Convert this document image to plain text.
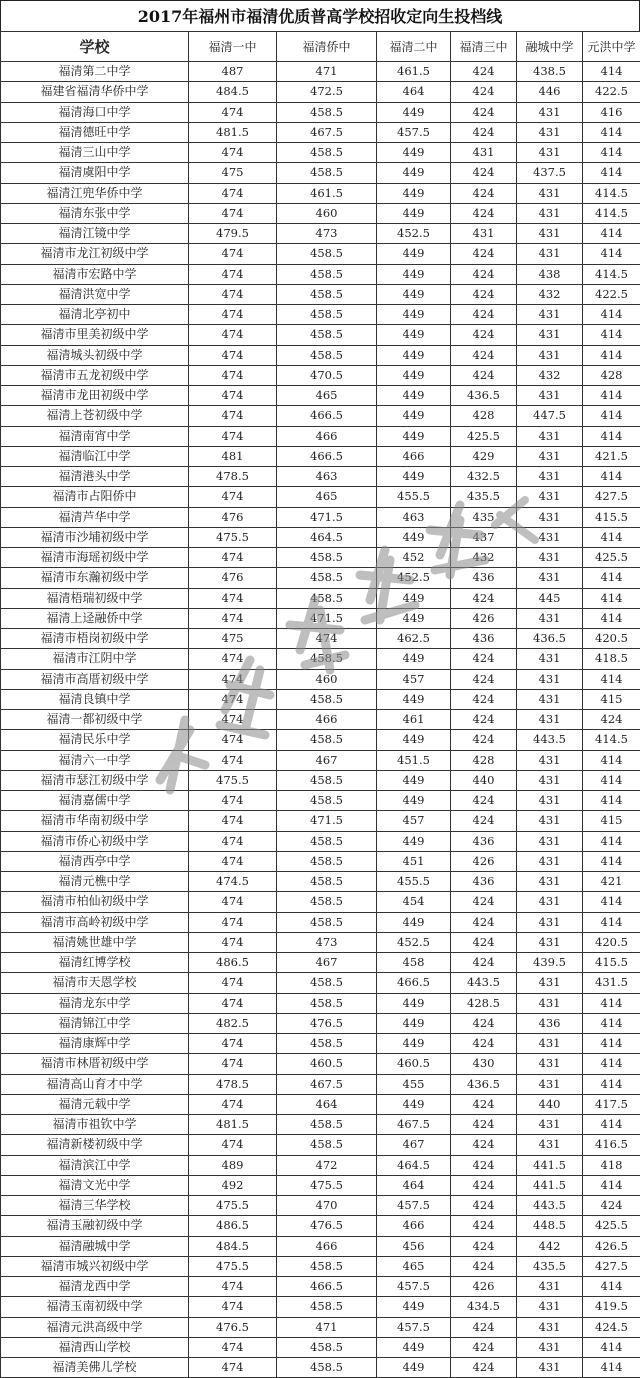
2017年福州市福清优质普高学校招收定向生投档线
学校	福清一中	福清侨中	福清二中	福清三中	融城中学	元洪中学
福清第二中学	487	471	461.5	424	438.5	414
福建省福清华侨中学	484.5	472.5	464	424	446	422.5
福清海口中学	474	458.5	449	424	431	416
福清德旺中学	481.5	467.5	457.5	424	431	414
福清三山中学	474	458.5	449	431	431	414
福清虞阳中学	475	458.5	449	424	437.5	414
福清江兜华侨中学	474	461.5	449	424	431	414.5
福清东张中学	474	460	449	424	431	414.5
福清江镜中学	479.5	473	452.5	431	431	414
福清市龙江初级中学	474	458.5	449	424	431	414
福清市宏路中学	474	458.5	449	424	438	414.5
福清洪宽中学	474	458.5	449	424	432	422.5
福清北亭初中	474	458.5	449	424	431	414
福清市里美初级中学	474	458.5	449	424	431	414
福清城头初级中学	474	458.5	449	424	431	414
福清市五龙初级中学	474	470.5	449	424	432	428
福清市龙田初级中学	474	465	449	436.5	431	414
福清上苍初级中学	474	466.5	449	428	447.5	414
福清南宵中学	474	466	449	425.5	431	414
福清临江中学	481	466.5	466	429	431	421.5
福清港头中学	478.5	463	449	432.5	431	414
福清市占阳侨中	474	465	455.5	435.5	431	427.5
福清芦华中学	476	471.5	463	435	431	415.5
福清市沙埔初级中学	475.5	464.5	449	437	431	414
福清市海瑶初级中学	474	458.5	452	432	431	425.5
福清市东瀚初级中学	476	458.5	452.5	436	431	414
福清梧瑞初级中学	474	458.5	449	424	445	414
福清上迳融侨中学	474	471.5	449	426	431	414
福清市梧岗初级中学	475	474	462.5	436	436.5	420.5
福清市江阴中学	474	458.5	449	424	431	418.5
福清市高厝初级中学	474	460	457	424	431	414
福清良镇中学	474	458.5	449	424	431	415
福清一都初级中学	474	466	461	424	431	424
福清民乐中学	474	458.5	449	424	443.5	414.5
福清六一中学	474	467	451.5	428	431	414
福清市瑟江初级中学	475.5	458.5	449	440	431	414
福清嘉儒中学	474	458.5	449	424	431	414
福清市华南初级中学	474	471.5	457	424	431	415
福清市侨心初级中学	474	458.5	449	436	431	414
福清西亭中学	474	458.5	451	426	431	414
福清元樵中学	474.5	458.5	455.5	436	431	421
福清市柏仙初级中学	474	458.5	454	424	431	414
福清市高岭初级中学	474	458.5	449	424	431	414
福清姚世雄中学	474	473	452.5	424	431	420.5
福清红博学校	486.5	467	458	424	439.5	415.5
福清市天恩学校	474	458.5	466.5	443.5	431	431.5
福清龙东中学	474	458.5	449	428.5	431	414
福清锦江中学	482.5	476.5	449	424	436	414
福清康辉中学	474	458.5	449	424	431	414
福清市林厝初级中学	474	460.5	460.5	430	431	414
福清高山育才中学	478.5	467.5	455	436.5	431	414
福清元载中学	474	464	449	424	440	417.5
福清市祖钦中学	481.5	458.5	467.5	424	431	414
福清新楼初级中学	474	458.5	467	424	431	416.5
福清滨江中学	489	472	464.5	424	441.5	418
福清文光中学	492	475.5	464	424	441.5	414
福清三华学校	475.5	470	457.5	424	443.5	424
福清玉融初级中学	486.5	476.5	466	424	448.5	425.5
福清融城中学	484.5	466	456	424	442	426.5
福清市城兴初级中学	475.5	458.5	465	424	435.5	427.5
福清龙西中学	474	466.5	457.5	426	431	414
福清玉南初级中学	474	458.5	449	434.5	431	419.5
福清元洪高级中学	476.5	471	457.5	424	431	424.5
福清西山学校	474	458.5	449	424	431	414
福清美佛儿学校	474	458.5	449	424	431	414
